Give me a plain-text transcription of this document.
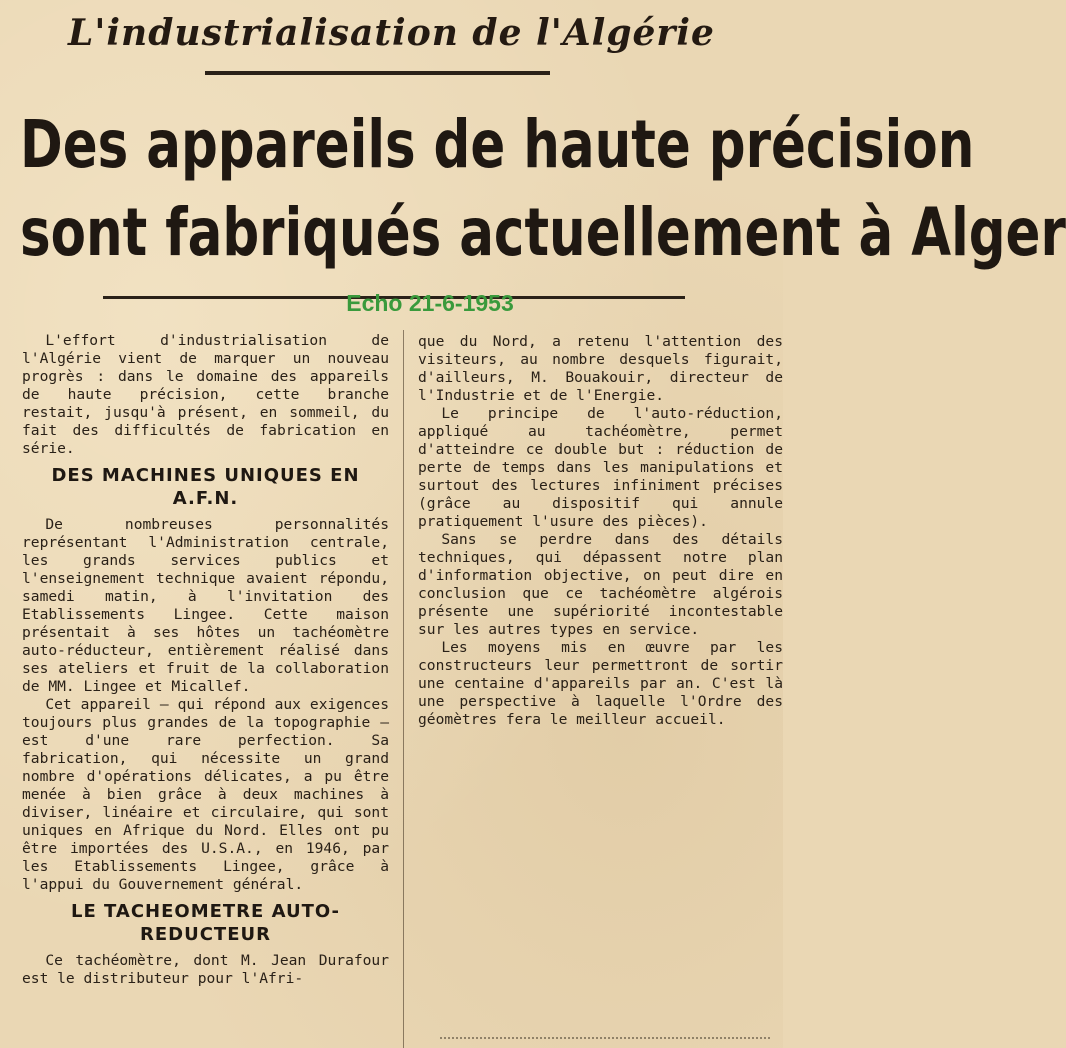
L'industrialisation de l'Algérie
Des appareils de haute précision
sont fabriqués actuellement à Alger
Echo 21-6-1953

L'effort d'industrialisation de l'Algérie vient de marquer un nouveau progrès : dans le domaine des appareils de haute précision, cette branche restait, jusqu'à présent, en sommeil, du fait des difficultés de fabrication en série.

DES MACHINES UNIQUES EN A.F.N.

De nombreuses personnalités représentant l'Administration centrale, les grands services publics et l'enseignement technique avaient répondu, samedi matin, à l'invitation des Etablissements Lingee. Cette maison présentait à ses hôtes un tachéomètre auto-réducteur, entièrement réalisé dans ses ateliers et fruit de la collaboration de MM. Lingee et Micallef.

Cet appareil — qui répond aux exigences toujours plus grandes de la topographie — est d'une rare perfection. Sa fabrication, qui nécessite un grand nombre d'opérations délicates, a pu être menée à bien grâce à deux machines à diviser, linéaire et circulaire, qui sont uniques en Afrique du Nord. Elles ont pu être importées des U.S.A., en 1946, par les Etablissements Lingee, grâce à l'appui du Gouvernement général.

LE TACHEOMETRE AUTO-REDUCTEUR

Ce tachéomètre, dont M. Jean Durafour est le distributeur pour l'Afri-

que du Nord, a retenu l'attention des visiteurs, au nombre desquels figurait, d'ailleurs, M. Bouakouir, directeur de l'Industrie et de l'Energie.

Le principe de l'auto-réduction, appliqué au tachéomètre, permet d'atteindre ce double but : réduction de perte de temps dans les manipulations et surtout des lectures infiniment précises (grâce au dispositif qui annule pratiquement l'usure des pièces).

Sans se perdre dans des détails techniques, qui dépassent notre plan d'information objective, on peut dire en conclusion que ce tachéomètre algérois présente une supériorité incontestable sur les autres types en service.

Les moyens mis en œuvre par les constructeurs leur permettront de sortir une centaine d'appareils par an. C'est là une perspective à laquelle l'Ordre des géomètres fera le meilleur accueil.
